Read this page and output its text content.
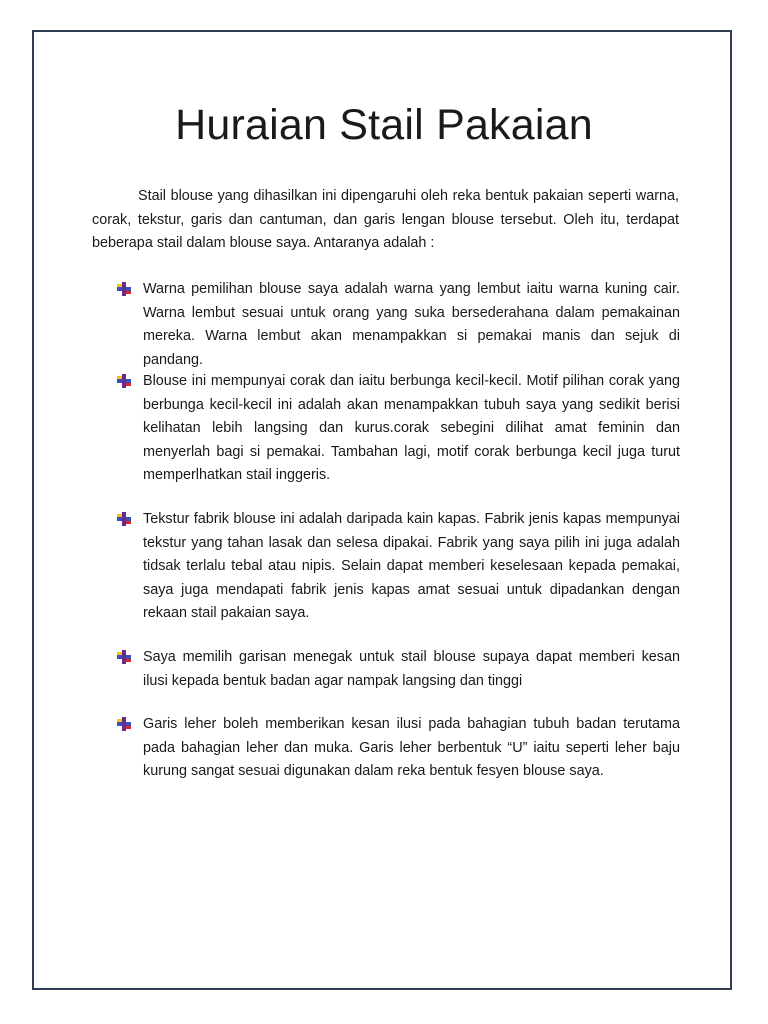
Huraian Stail Pakaian

Stail blouse yang dihasilkan ini dipengaruhi oleh reka bentuk pakaian seperti warna, corak, tekstur, garis dan cantuman, dan garis lengan blouse tersebut. Oleh itu, terdapat beberapa stail dalam blouse saya. Antaranya adalah :

Warna pemilihan blouse saya adalah warna yang lembut iaitu warna kuning cair. Warna lembut sesuai untuk orang yang suka bersederahana dalam pemakainan mereka. Warna lembut akan menampakkan si pemakai manis dan sejuk di pandang.

Blouse ini mempunyai corak dan iaitu berbunga kecil-kecil. Motif pilihan corak yang berbunga kecil-kecil ini adalah akan menampakkan tubuh saya yang sedikit berisi kelihatan lebih langsing dan kurus.corak sebegini dilihat amat feminin dan menyerlah bagi si pemakai. Tambahan lagi, motif corak berbunga kecil juga turut memperlhatkan stail inggeris.

Tekstur fabrik blouse ini adalah daripada kain kapas. Fabrik jenis kapas mempunyai tekstur yang tahan lasak dan selesa dipakai. Fabrik yang saya pilih ini juga adalah tidsak terlalu tebal atau nipis. Selain dapat memberi keselesaan kepada pemakai, saya juga mendapati fabrik jenis kapas amat sesuai untuk dipadankan dengan rekaan stail pakaian saya.

Saya memilih garisan menegak untuk stail blouse supaya dapat memberi kesan ilusi kepada bentuk badan agar nampak langsing dan tinggi

Garis leher boleh memberikan kesan ilusi pada bahagian tubuh badan terutama pada bahagian leher dan muka. Garis leher berbentuk “U” iaitu seperti leher baju kurung sangat sesuai digunakan dalam reka bentuk fesyen blouse saya.
